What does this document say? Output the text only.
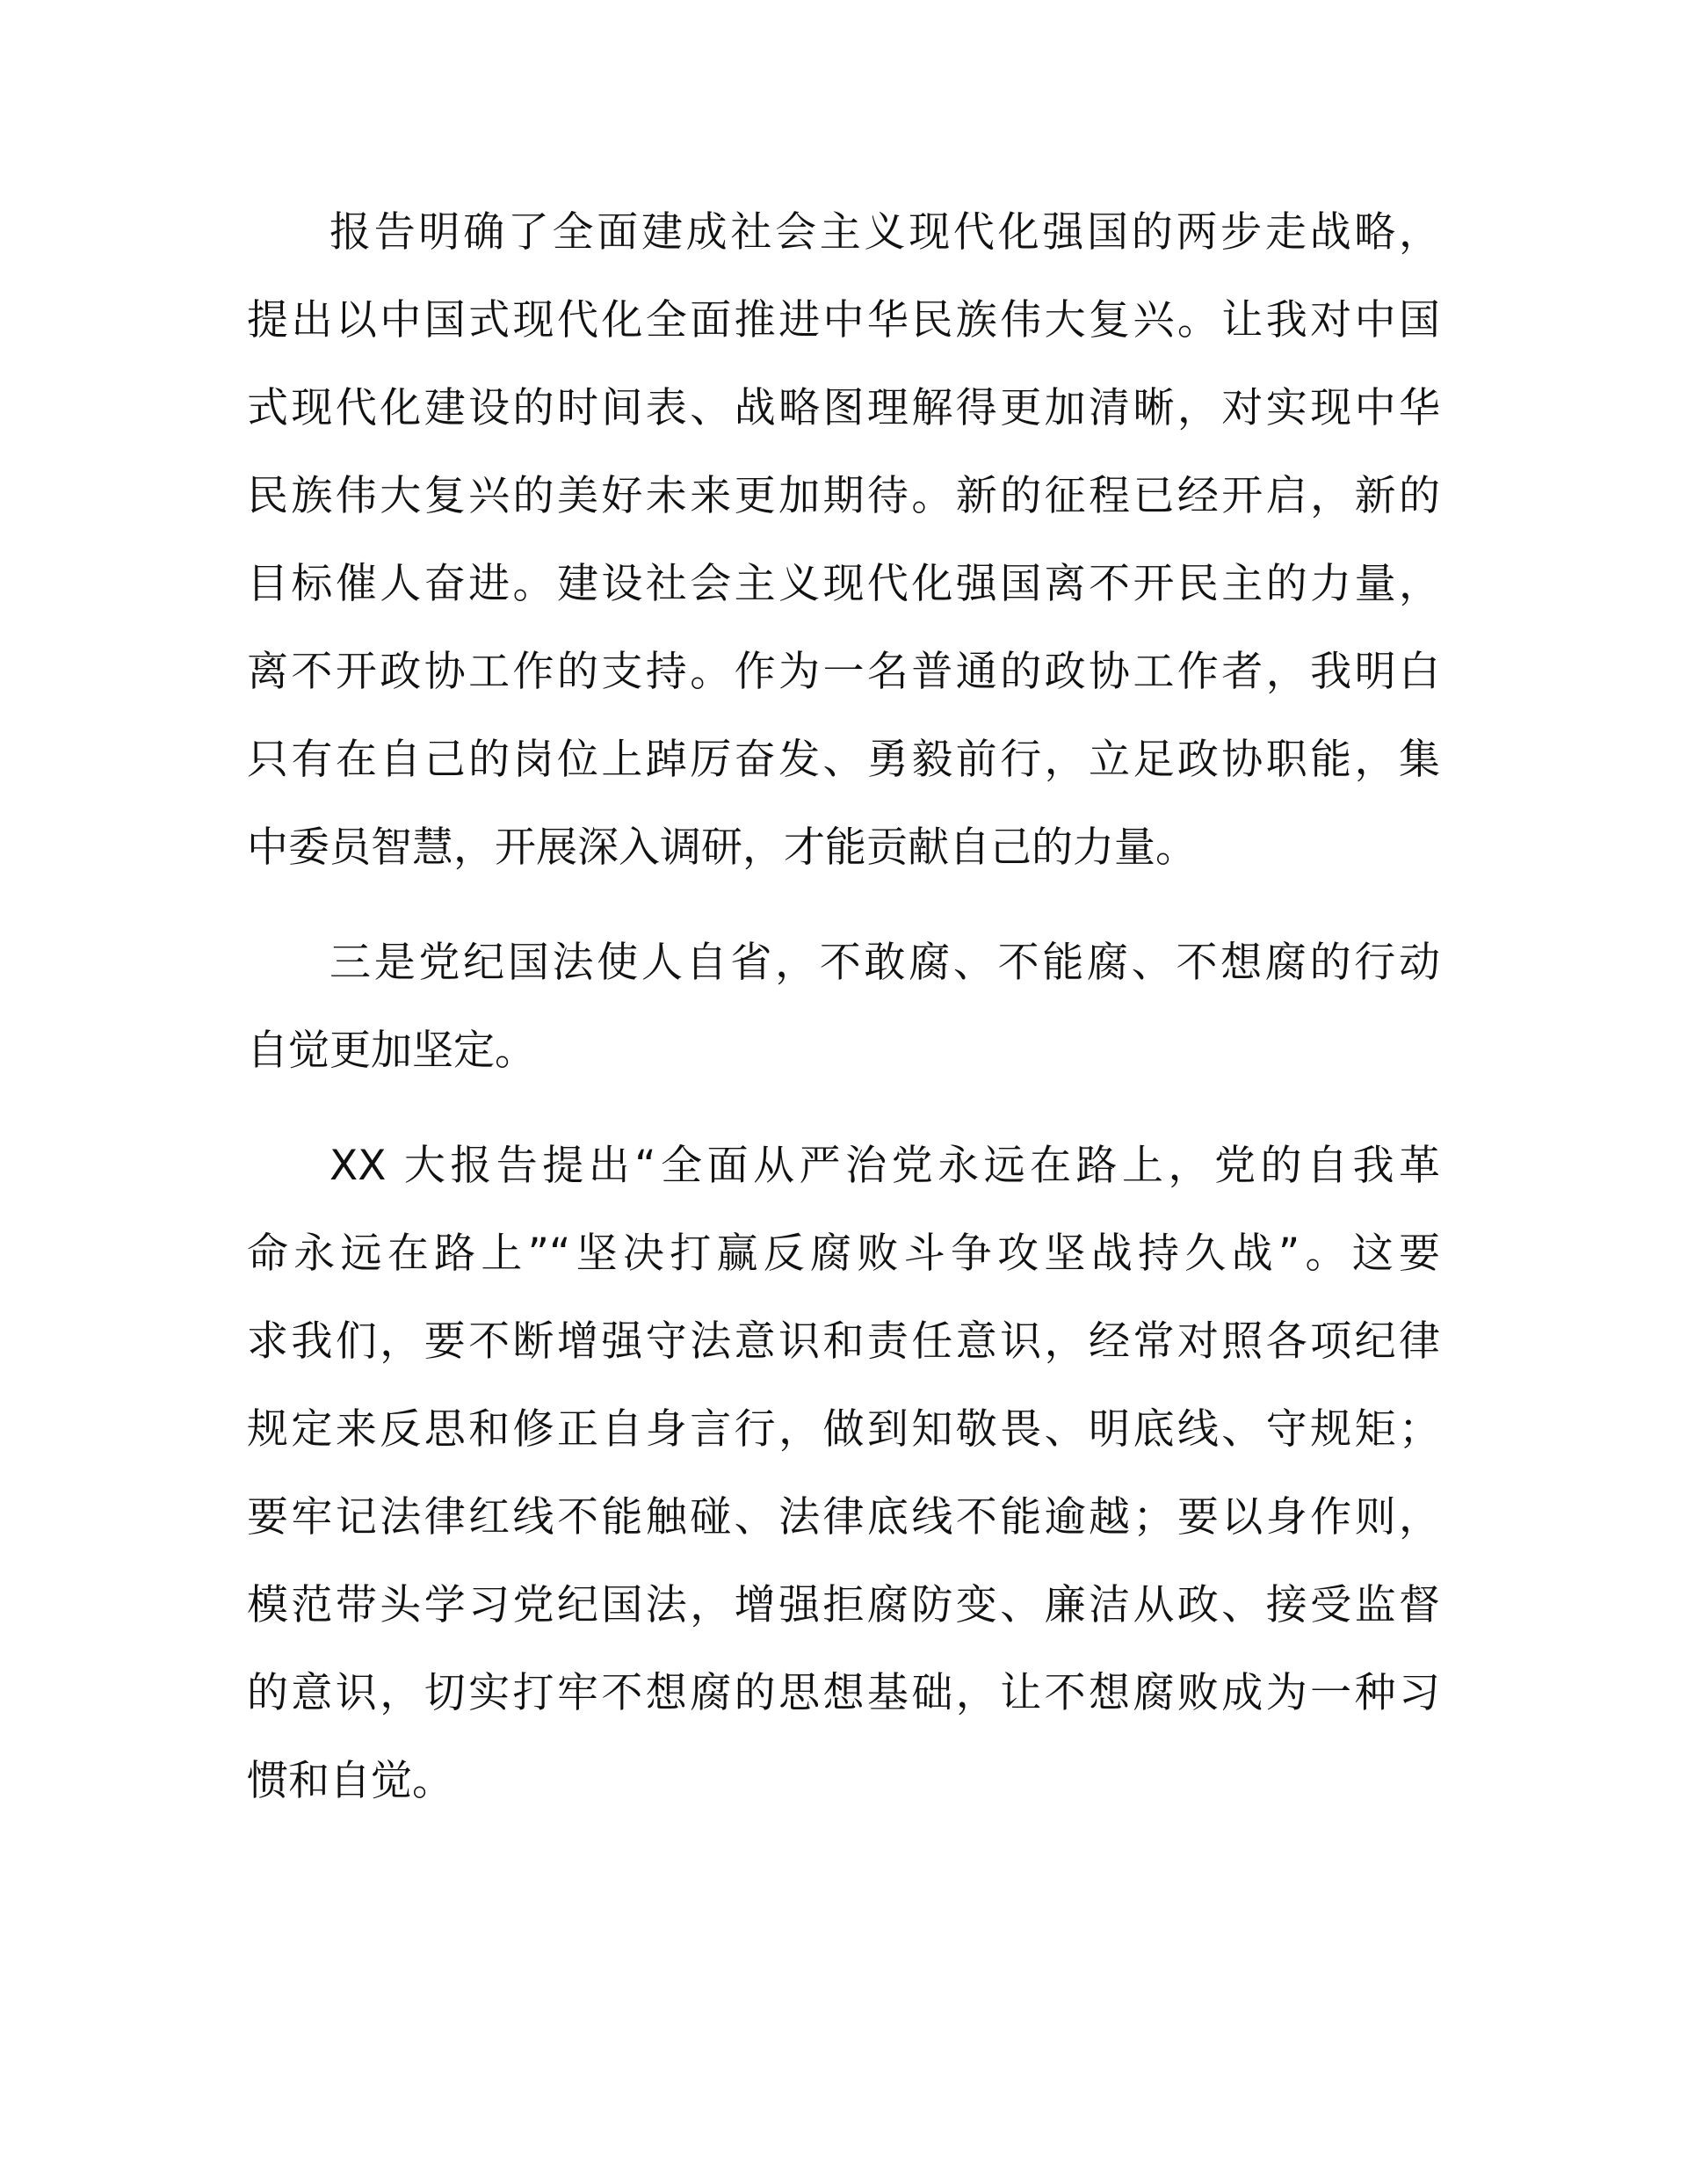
报告明确了全面建成社会主义现代化强国的两步走战略，
提出以中国式现代化全面推进中华民族伟大复兴。让我对中国
式现代化建设的时间表、战略图理解得更加清晰，对实现中华
民族伟大复兴的美好未来更加期待。新的征程已经开启，新的
目标催人奋进。建设社会主义现代化强国离不开民主的力量，
离不开政协工作的支持。作为一名普通的政协工作者，我明白
只有在自己的岗位上踔厉奋发、勇毅前行，立足政协职能，集
中委员智慧，开展深入调研，才能贡献自己的力量。
三是党纪国法使人自省，不敢腐、不能腐、不想腐的行动
自觉更加坚定。
XX 大报告提出“全面从严治党永远在路上，党的自我革
命永远在路上”“坚决打赢反腐败斗争攻坚战持久战”。这要
求我们，要不断增强守法意识和责任意识，经常对照各项纪律
规定来反思和修正自身言行，做到知敬畏、明底线、守规矩；
要牢记法律红线不能触碰、法律底线不能逾越；要以身作则，
模范带头学习党纪国法，增强拒腐防变、廉洁从政、接受监督
的意识，切实打牢不想腐的思想基础，让不想腐败成为一种习
惯和自觉。
